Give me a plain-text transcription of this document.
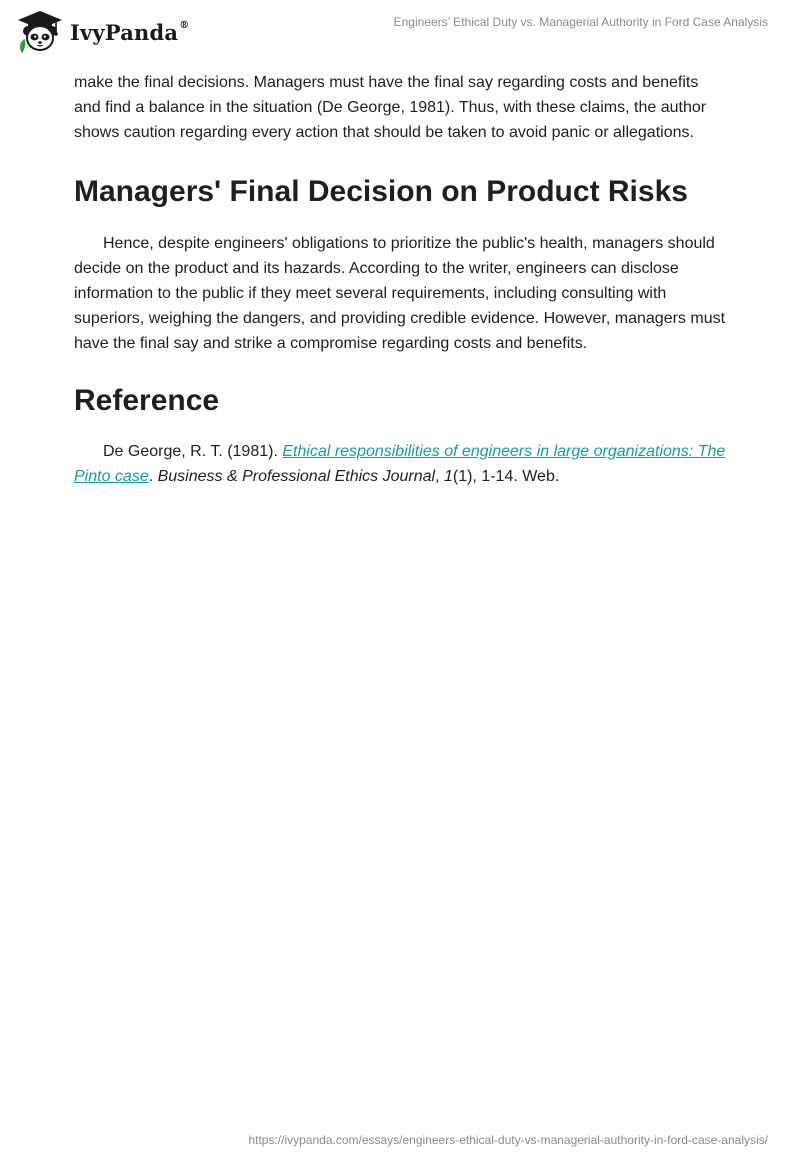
IvyPanda®	Engineers’ Ethical Duty vs. Managerial Authority in Ford Case Analysis

make the final decisions. Managers must have the final say regarding costs and benefits and find a balance in the situation (De George, 1981). Thus, with these claims, the author shows caution regarding every action that should be taken to avoid panic or allegations.

Managers' Final Decision on Product Risks

Hence, despite engineers' obligations to prioritize the public's health, managers should decide on the product and its hazards. According to the writer, engineers can disclose information to the public if they meet several requirements, including consulting with superiors, weighing the dangers, and providing credible evidence. However, managers must have the final say and strike a compromise regarding costs and benefits.

Reference

De George, R. T. (1981). Ethical responsibilities of engineers in large organizations: The Pinto case. Business & Professional Ethics Journal, 1(1), 1-14. Web.

https://ivypanda.com/essays/engineers-ethical-duty-vs-managerial-authority-in-ford-case-analysis/
